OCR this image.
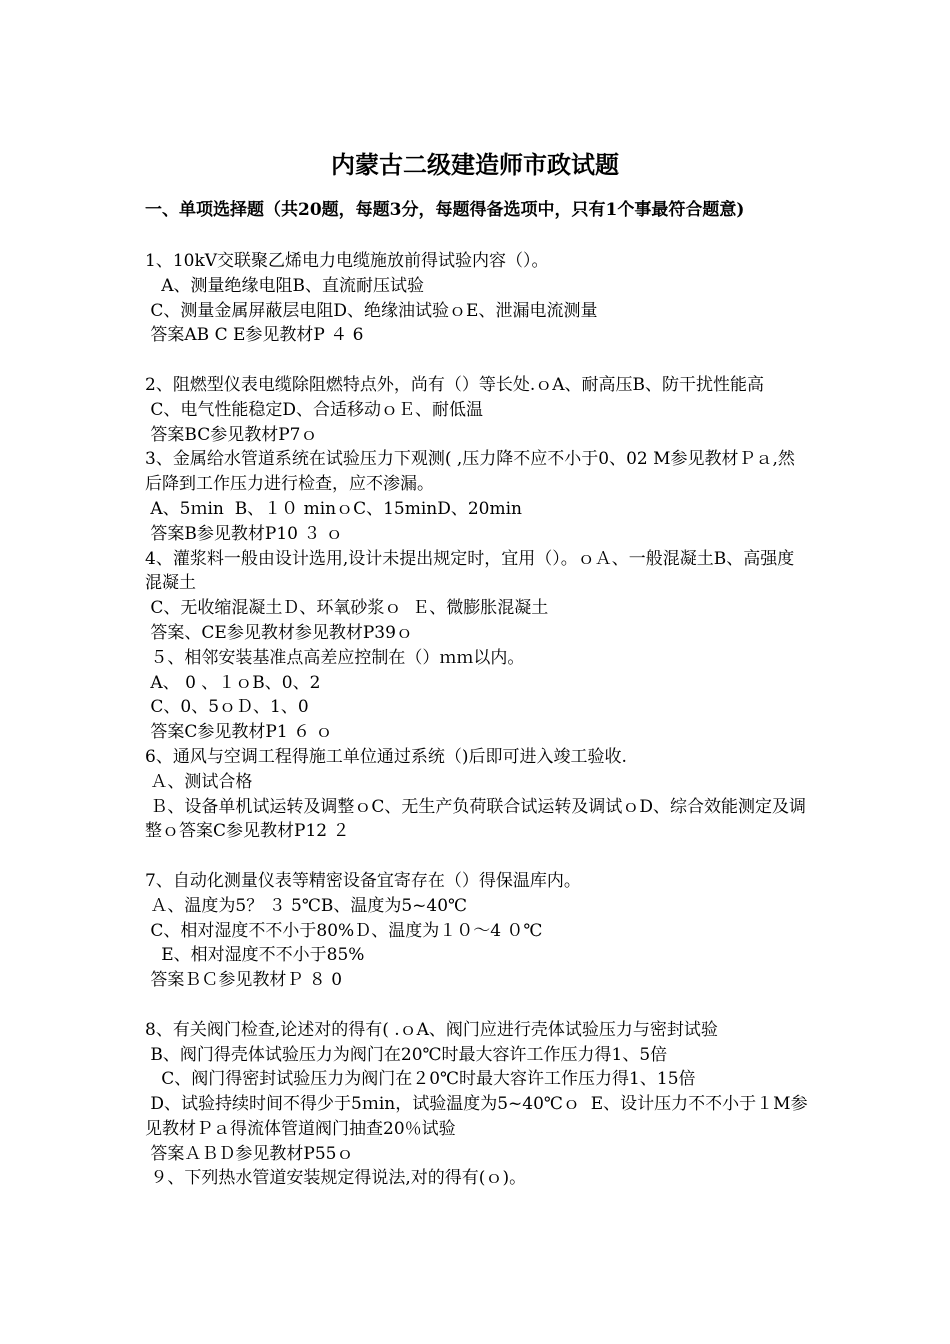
内蒙古二级建造师市政试题
一、单项选择题（共20题，每题3分，每题得备选项中，只有1个事最符合题意)
1、10kV交联聚乙烯电力电缆施放前得试验内容（）。
A、测量绝缘电阻B、直流耐压试验
C、测量金属屏蔽层电阻D、绝缘油试验ｏE、泄漏电流测量
答案AB C E参见教材P ４ 6
2、阻燃型仪表电缆除阻燃特点外，尚有（）等长处.ｏA、耐高压B、防干扰性能高
C、电气性能稳定D、合适移动ｏＥ、耐低温
答案BC参见教材P7ｏ
3、金属给水管道系统在试验压力下观测( ,压力降不应不小于0、02 M参见教材Ｐａ,然后降到工作压力进行检查，应不渗漏。
A、5ｍin  B、１０ minｏC、15minD、20min
答案B参见教材P10 ３ ｏ
4、灌浆料一般由设计选用,设计未提出规定时，宜用（）。ｏＡ、一般混凝土B、高强度混凝土
C、无收缩混凝土Ｄ、环氧砂浆ｏ  Ｅ、微膨胀混凝土
答案、CE参见教材参见教材P39ｏ
５、相邻安装基准点高差应控制在（）ｍｍ以内。
A、 0 、１ｏB、0、2
C、0、5ｏＤ、1、0
答案C参见教材P1 ６ ｏ
6、通风与空调工程得施工单位通过系统（)后即可进入竣工验收.
Ａ、测试合格
Ｂ、设备单机试运转及调整ｏC、无生产负荷联合试运转及调试ｏD、综合效能测定及调整ｏ答案C参见教材P12 ２
7、自动化测量仪表等精密设备宜寄存在（）得保温库内。
Ａ、温度为5？ ３ 5℃B、温度为5~40℃
C、相对湿度不不小于80%Ｄ、温度为１０～4 ０℃
E、相对湿度不不小于85%
答案ＢＣ参见教材Ｐ ８ 0
8、有关阀门检查,论述对的得有( .ｏA、阀门应进行壳体试验压力与密封试验
B、阀门得壳体试验压力为阀门在20℃时最大容许工作压力得1、5倍
C、阀门得密封试验压力为阀门在２0℃时最大容许工作压力得1、15倍
D、试验持续时间不得少于5ｍin，试验温度为5~40℃ｏ  E、设计压力不不小于１M参见教材Ｐａ得流体管道阀门抽查20％试验
答案ＡＢＤ参见教材P55ｏ
９、下列热水管道安装规定得说法,对的得有(ｏ)。
